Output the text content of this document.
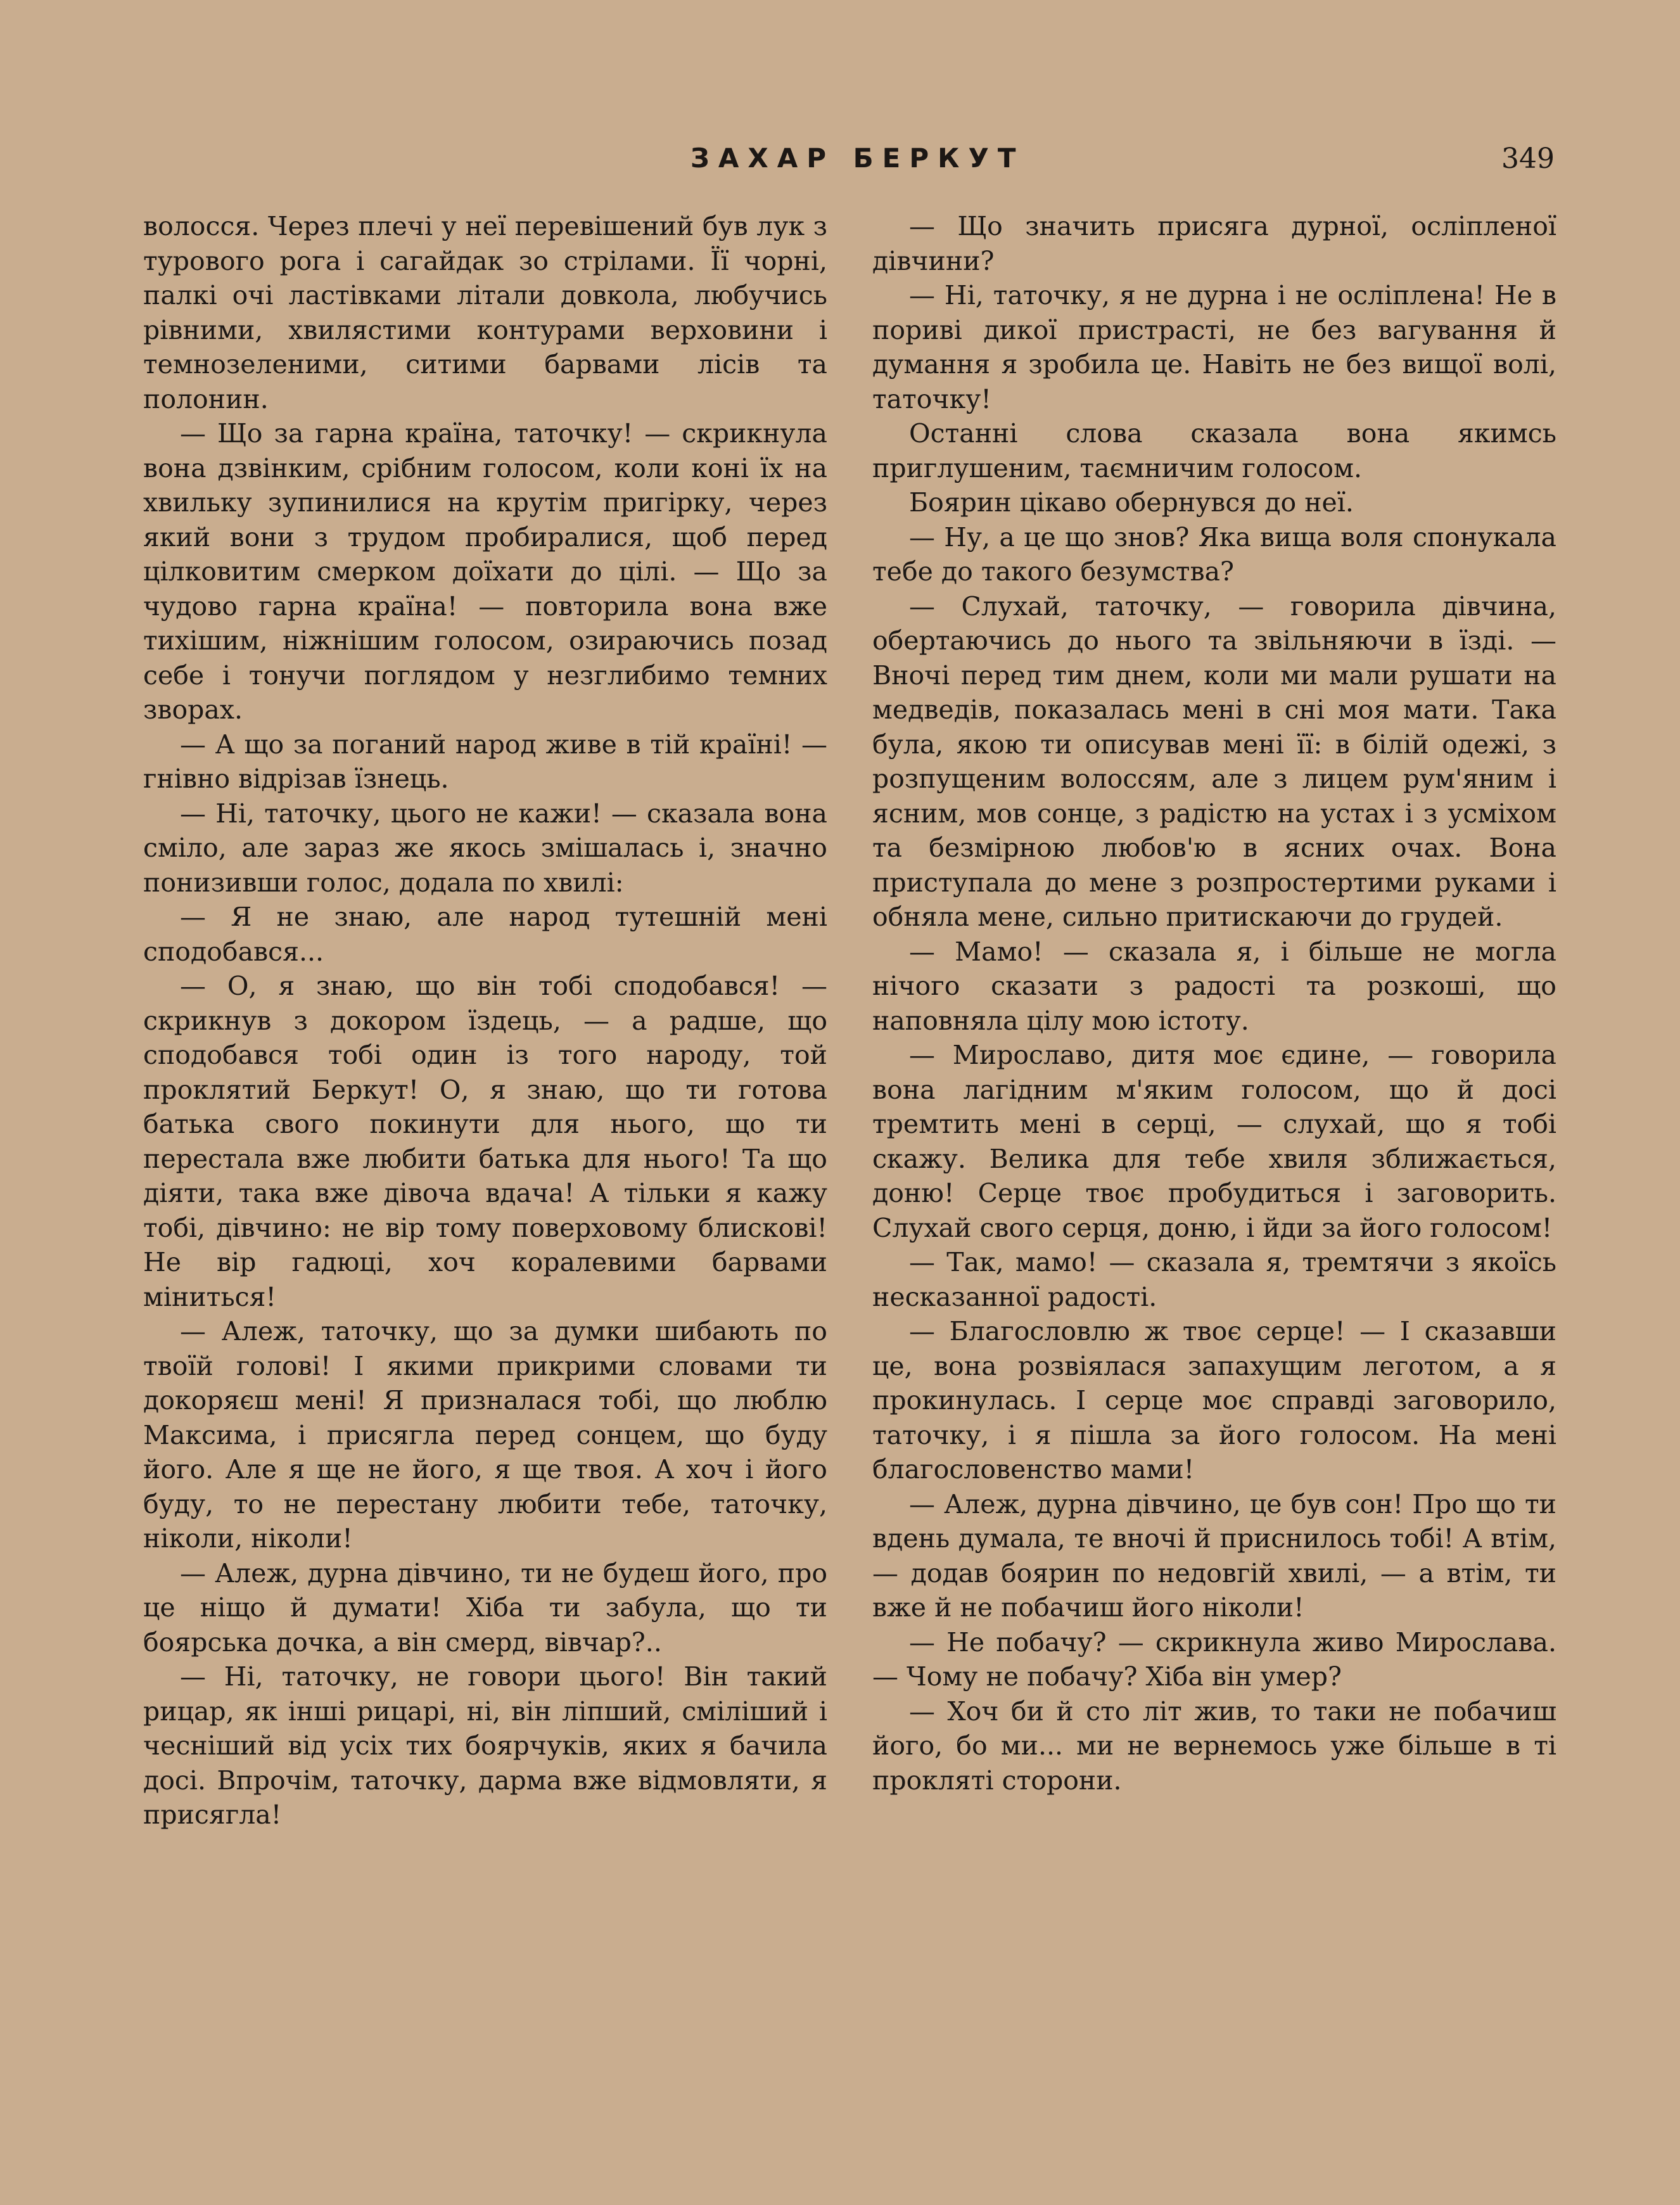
ЗАХАР БЕРКУТ	349

волосся. Через плечі у неї перевішений був лук з турового рога і сагайдак зо стрілами. Її чорні, палкі очі ластівками літали довкола, любучись рівними, хвилястими контурами верховини і темнозеленими, ситими барвами лісів та полонин.

— Що за гарна країна, таточку! — скрикнула вона дзвінким, срібним голосом, коли коні їх на хвильку зупинилися на крутім пригірку, через який вони з трудом пробиралися, щоб перед цілковитим смерком доїхати до цілі. — Що за чудово гарна країна! — повторила вона вже тихішим, ніжнішим голосом, озираючись позад себе і тонучи поглядом у незглибимо темних зворах.

— А що за поганий народ живе в тій країні! — гнівно відрізав їзнець.

— Ні, таточку, цього не кажи! — сказала вона сміло, але зараз же якось змішалась і, значно понизивши голос, додала по хвилі:

— Я не знаю, але народ тутешній мені сподобався...

— О, я знаю, що він тобі сподобався! — скрикнув з докором їздець, — а радше, що сподобався тобі один із того народу, той проклятий Беркут! О, я знаю, що ти готова батька свого покинути для нього, що ти перестала вже любити батька для нього! Та що діяти, така вже дівоча вдача! А тільки я кажу тобі, дівчино: не вір тому поверховому блискові! Не вір гадюці, хоч коралевими барвами міниться!

— Алеж, таточку, що за думки шибають по твоїй голові! І якими прикрими словами ти докоряєш мені! Я призналася тобі, що люблю Максима, і присягла перед сонцем, що буду його. Але я ще не його, я ще твоя. А хоч і його буду, то не перестану любити тебе, таточку, ніколи, ніколи!

— Алеж, дурна дівчино, ти не будеш його, про це ніщо й думати! Хіба ти забула, що ти боярська дочка, а він смерд, вівчар?..

— Ні, таточку, не говори цього! Він такий рицар, як інші рицарі, ні, він ліпший, сміліший і чесніший від усіх тих боярчуків, яких я бачила досі. Впрочім, таточку, дарма вже відмовляти, я присягла!

— Що значить присяга дурної, осліпленої дівчини?

— Ні, таточку, я не дурна і не осліплена! Не в пориві дикої пристрасті, не без вагування й думання я зробила це. Навіть не без вищої волі, таточку!

Останні слова сказала вона якимсь приглушеним, таємничим голосом.

Боярин цікаво обернувся до неї.

— Ну, а це що знов? Яка вища воля спонукала тебе до такого безумства?

— Слухай, таточку, — говорила дівчина, обертаючись до нього та звільняючи в їзді. — Вночі перед тим днем, коли ми мали рушати на медведів, показалась мені в сні моя мати. Така була, якою ти описував мені її: в білій одежі, з розпущеним волоссям, але з лицем рум'яним і ясним, мов сонце, з радістю на устах і з усміхом та безмірною любов'ю в ясних очах. Вона приступала до мене з розпростертими руками і обняла мене, сильно притискаючи до грудей.

— Мамо! — сказала я, і більше не могла нічого сказати з радості та розкоші, що наповняла цілу мою істоту.

— Мирославо, дитя моє єдине, — говорила вона лагідним м'яким голосом, що й досі тремтить мені в серці, — слухай, що я тобі скажу. Велика для тебе хвиля зближається, доню! Серце твоє пробудиться і заговорить. Слухай свого серця, доню, і йди за його голосом!

— Так, мамо! — сказала я, тремтячи з якоїсь несказанної радості.

— Благословлю ж твоє серце! — І сказавши це, вона розвіялася запахущим леготом, а я прокинулась. І серце моє справді заговорило, таточку, і я пішла за його голосом. На мені благословенство мами!

— Алеж, дурна дівчино, це був сон! Про що ти вдень думала, те вночі й приснилось тобі! А втім, — додав боярин по недовгій хвилі, — а втім, ти вже й не побачиш його ніколи!

— Не побачу? — скрикнула живо Мирослава. — Чому не побачу? Хіба він умер?

— Хоч би й сто літ жив, то таки не побачиш його, бо ми... ми не вернемось уже більше в ті прокляті сторони.
